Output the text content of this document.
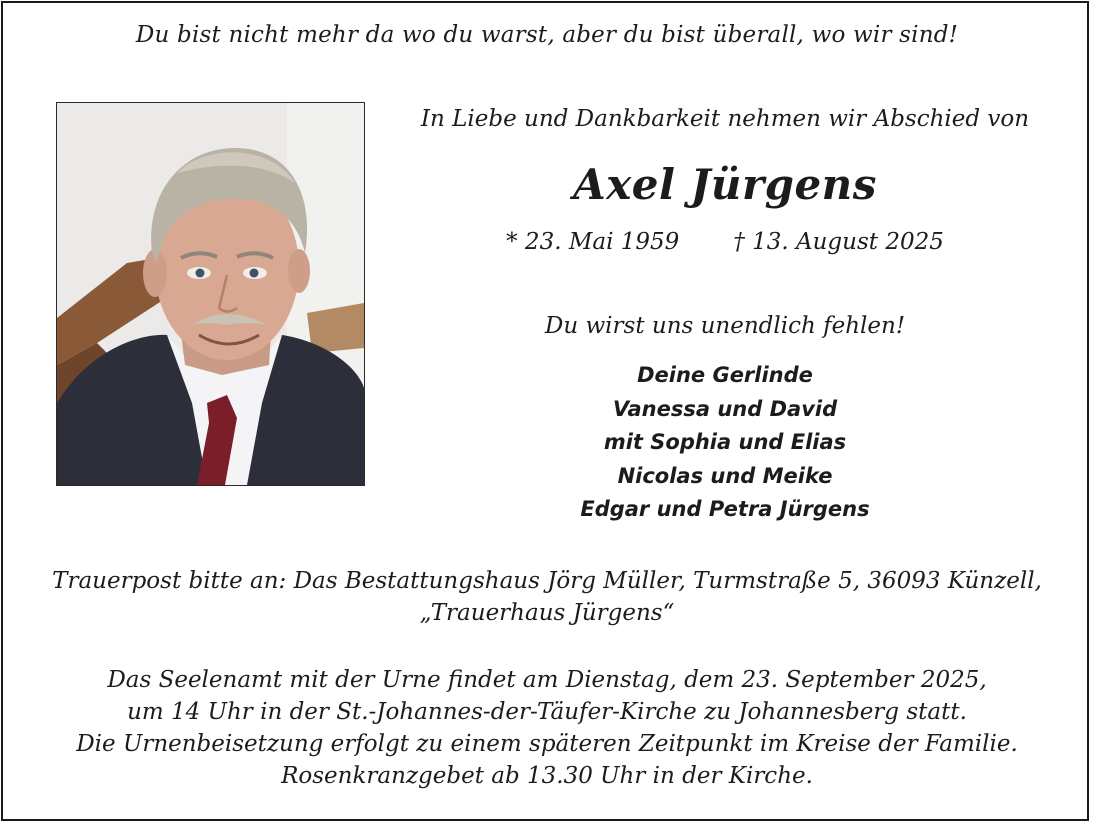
Du bist nicht mehr da wo du warst, aber du bist überall, wo wir sind!
In Liebe und Dankbarkeit nehmen wir Abschied von
Axel Jürgens
* 23. Mai 1959 † 13. August 2025
Du wirst uns unendlich fehlen!
Deine Gerlinde
Vanessa und David
mit Sophia und Elias
Nicolas und Meike
Edgar und Petra Jürgens
Trauerpost bitte an: Das Bestattungshaus Jörg Müller, Turmstraße 5, 36093 Künzell,
„Trauerhaus Jürgens“
Das Seelenamt mit der Urne findet am Dienstag, dem 23. September 2025,
um 14 Uhr in der St.-Johannes-der-Täufer-Kirche zu Johannesberg statt.
Die Urnenbeisetzung erfolgt zu einem späteren Zeitpunkt im Kreise der Familie.
Rosenkranzgebet ab 13.30 Uhr in der Kirche.
